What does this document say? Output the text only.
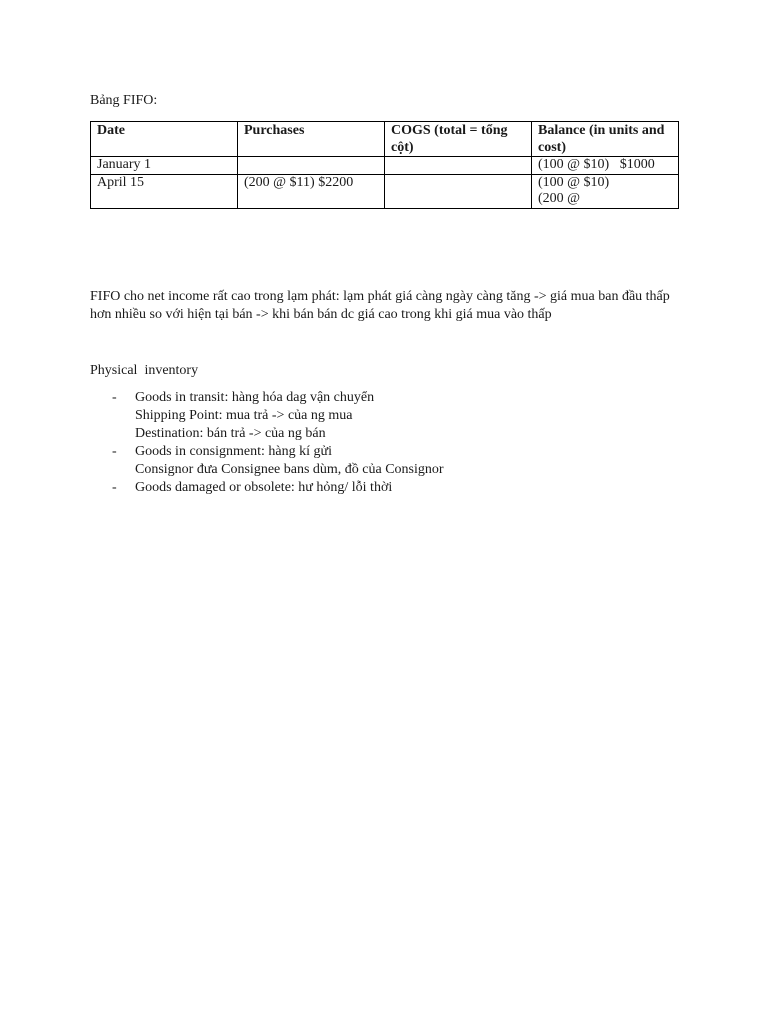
Bảng FIFO:
Date	Purchases	COGS (total = tổng cột)	Balance (in units and cost)
January 1			(100 @ $10)   $1000

April 15	(200 @ $11) $2200		(100 @ $10)
(200 @
FIFO cho net income rất cao trong lạm phát: lạm phát giá càng ngày càng tăng -> giá mua ban đầu thấp hơn nhiều so với hiện tại bán -> khi bán bán dc giá cao trong khi giá mua vào thấp
Physical  inventory
- Goods in transit: hàng hóa dag vận chuyển
Shipping Point: mua trả -> của ng mua
Destination: bán trả -> của ng bán
- Goods in consignment: hàng kí gửi
Consignor đưa Consignee bans dùm, đồ của Consignor
- Goods damaged or obsolete: hư hỏng/ lỗi thời
